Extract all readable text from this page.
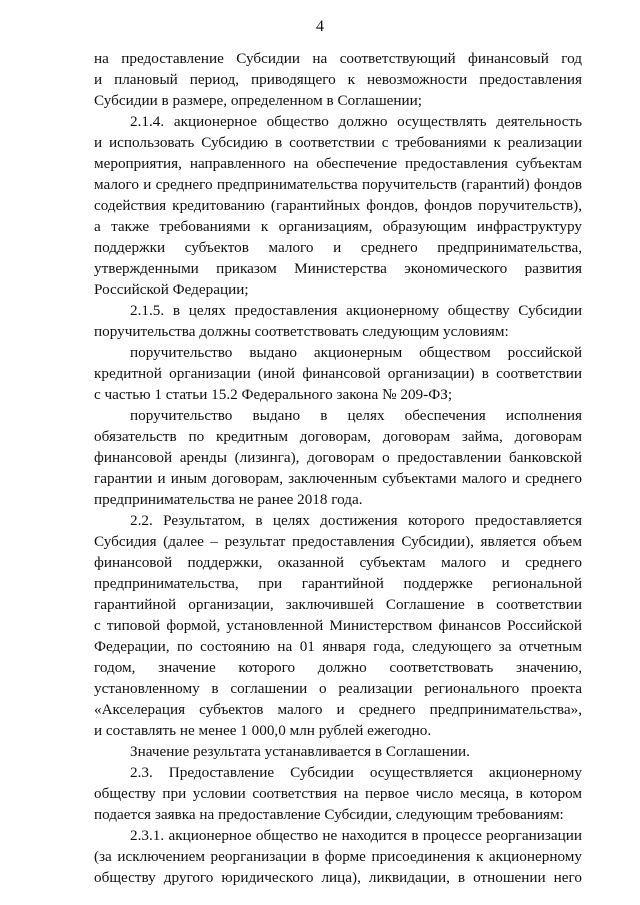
4
на предоставление Субсидии на соответствующий финансовый год
и плановый период, приводящего к невозможности предоставления
Субсидии в размере, определенном в Соглашении;
2.1.4. акционерное общество должно осуществлять деятельность
и использовать Субсидию в соответствии с требованиями к реализации
мероприятия, направленного на обеспечение предоставления субъектам
малого и среднего предпринимательства поручительств (гарантий) фондов
содействия кредитованию (гарантийных фондов, фондов поручительств),
а также требованиями к организациям, образующим инфраструктуру
поддержки субъектов малого и среднего предпринимательства,
утвержденными приказом Министерства экономического развития
Российской Федерации;
2.1.5. в целях предоставления акционерному обществу Субсидии
поручительства должны соответствовать следующим условиям:
поручительство выдано акционерным обществом российской
кредитной организации (иной финансовой организации) в соответствии
с частью 1 статьи 15.2 Федерального закона № 209-ФЗ;
поручительство выдано в целях обеспечения исполнения
обязательств по кредитным договорам, договорам займа, договорам
финансовой аренды (лизинга), договорам о предоставлении банковской
гарантии и иным договорам, заключенным субъектами малого и среднего
предпринимательства не ранее 2018 года.
2.2. Результатом, в целях достижения которого предоставляется
Субсидия (далее – результат предоставления Субсидии), является объем
финансовой поддержки, оказанной субъектам малого и среднего
предпринимательства, при гарантийной поддержке региональной
гарантийной организации, заключившей Соглашение в соответствии
с типовой формой, установленной Министерством финансов Российской
Федерации, по состоянию на 01 января года, следующего за отчетным
годом, значение которого должно соответствовать значению,
установленному в соглашении о реализации регионального проекта
«Акселерация субъектов малого и среднего предпринимательства»,
и составлять не менее 1 000,0 млн рублей ежегодно.
Значение результата устанавливается в Соглашении.
2.3. Предоставление Субсидии осуществляется акционерному
обществу при условии соответствия на первое число месяца, в котором
подается заявка на предоставление Субсидии, следующим требованиям:
2.3.1. акционерное общество не находится в процессе реорганизации
(за исключением реорганизации в форме присоединения к акционерному
обществу другого юридического лица), ликвидации, в отношении него
